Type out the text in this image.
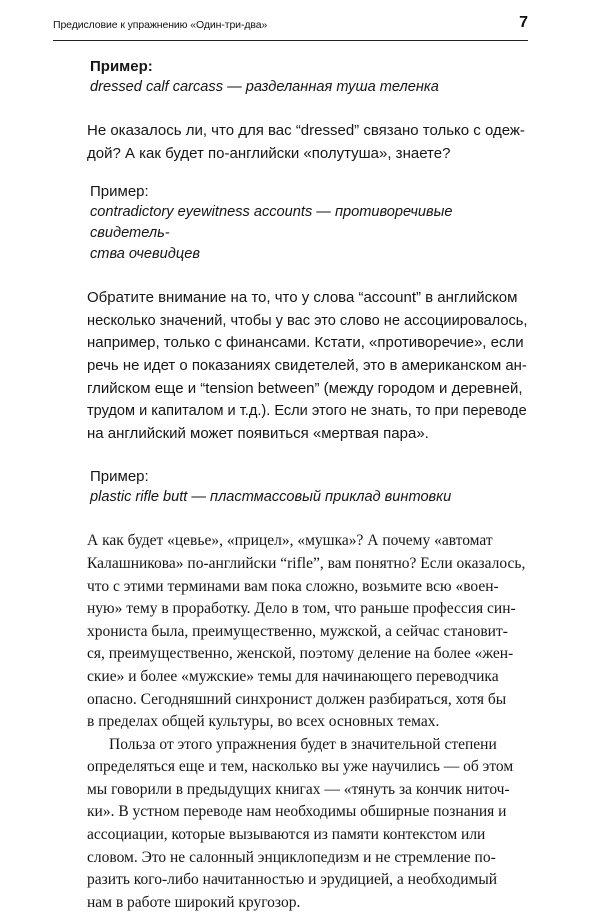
Предисловие к упражнению «Один-три-два»	7

Пример:

dressed calf carcass — разделанная туша теленка

Не оказалось ли, что для вас “dressed” связано только с одеж-
дой? А как будет по-английски «полутуша», знаете?

Пример:

contradictory eyewitness accounts — противоречивые свидетель-

ства очевидцев

Обратите внимание на то, что у слова “account” в английском
несколько значений, чтобы у вас это слово не ассоциировалось,
например, только с финансами. Кстати, «противоречие», если
речь не идет о показаниях свидетелей, это в американском ан-
глийском еще и “tension between” (между городом и деревней,
трудом и капиталом и т.д.). Если этого не знать, то при переводе
на английский может появиться «мертвая пара».

Пример:

plastic rifle butt — пластмассовый приклад винтовки

А как будет «цевье», «прицел», «мушка»? А почему «автомат
Калашникова» по-английски “rifle”, вам понятно? Если оказалось,
что с этими терминами вам пока сложно, возьмите всю «воен-
ную» тему в проработку. Дело в том, что раньше профессия син-
хрониста была, преимущественно, мужской, а сейчас становит-
ся, преимущественно, женской, поэтому деление на более «жен-
ские» и более «мужские» темы для начинающего переводчика
опасно. Сегодняшний синхронист должен разбираться, хотя бы
в пределах общей культуры, во всех основных темах.

Польза от этого упражнения будет в значительной степени
определяться еще и тем, насколько вы уже научились — об этом
мы говорили в предыдущих книгах — «тянуть за кончик ниточ-
ки». В устном переводе нам необходимы обширные познания и
ассоциации, которые вызываются из памяти контекстом или
словом. Это не салонный энциклопедизм и не стремление по-
разить кого-либо начитанностью и эрудицией, а необходимый
нам в работе широкий кругозор.
